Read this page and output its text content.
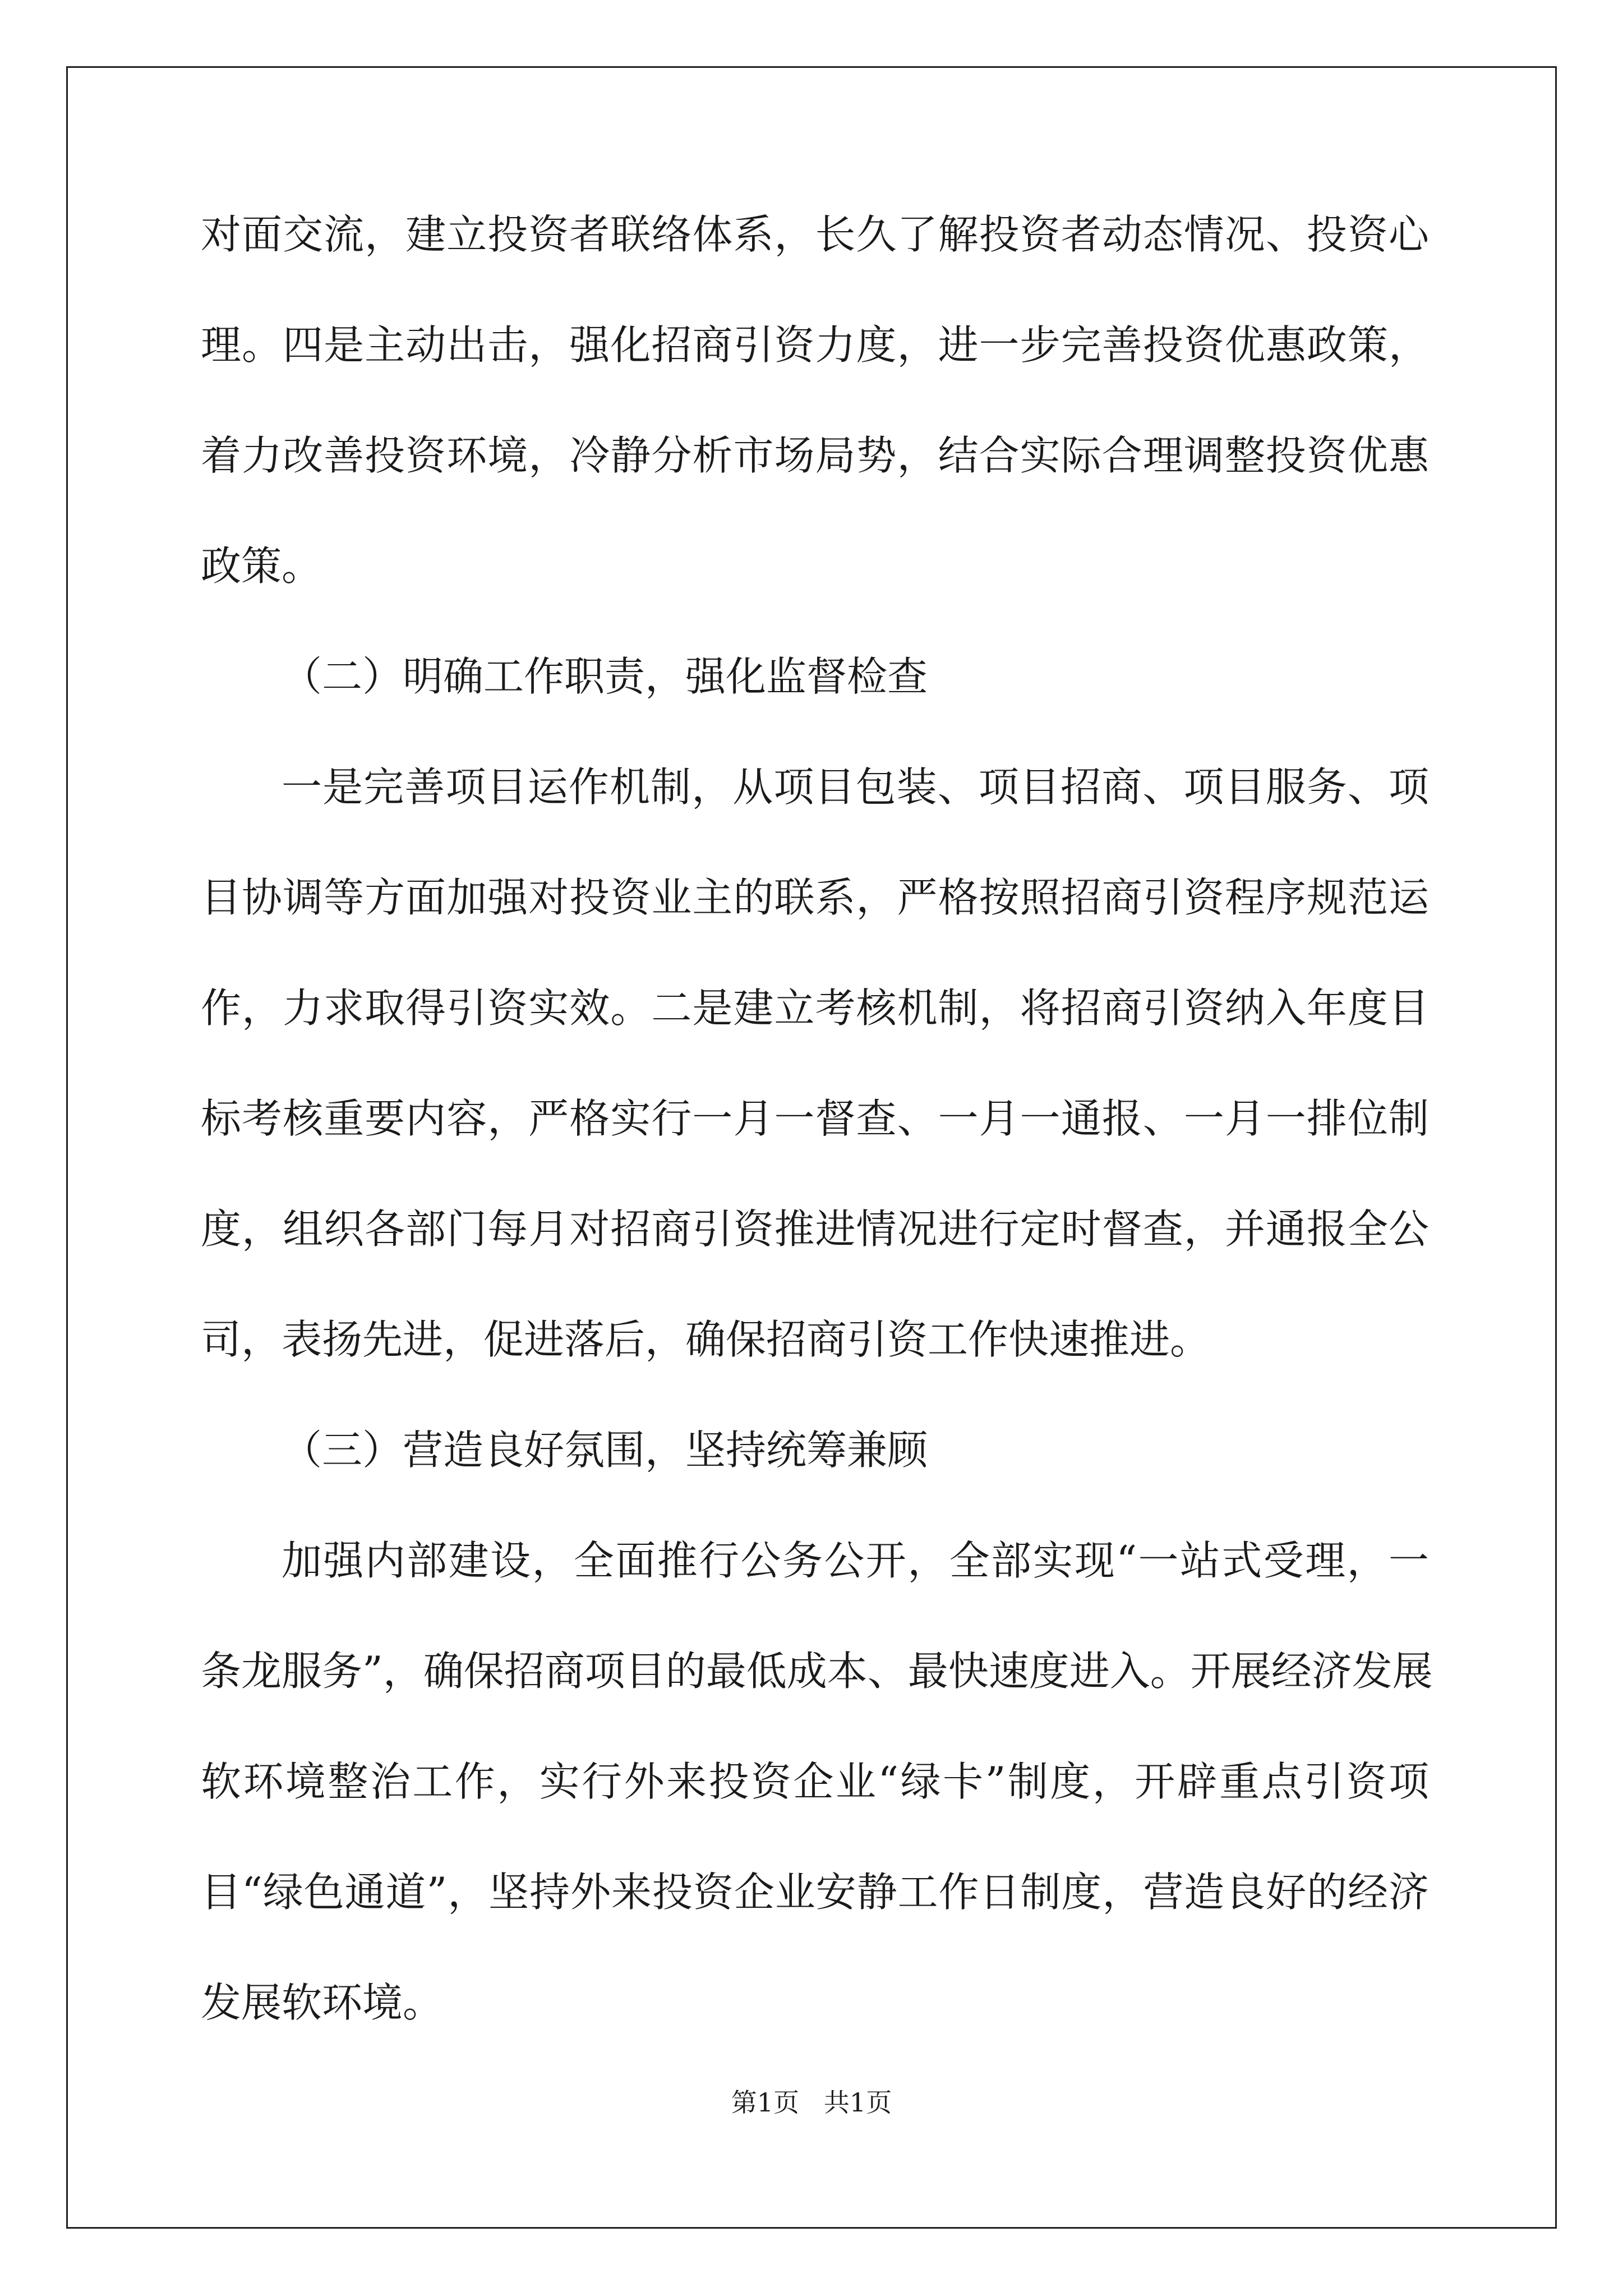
对面交流，建立投资者联络体系，长久了解投资者动态情况、投资心
理。四是主动出击，强化招商引资力度，进一步完善投资优惠政策，
着力改善投资环境，冷静分析市场局势，结合实际合理调整投资优惠
政策。
（二）明确工作职责，强化监督检查
一是完善项目运作机制，从项目包装、项目招商、项目服务、项
目协调等方面加强对投资业主的联系，严格按照招商引资程序规范运
作，力求取得引资实效。二是建立考核机制，将招商引资纳入年度目
标考核重要内容，严格实行一月一督查、一月一通报、一月一排位制
度，组织各部门每月对招商引资推进情况进行定时督查，并通报全公
司，表扬先进，促进落后，确保招商引资工作快速推进。
（三）营造良好氛围，坚持统筹兼顾
加强内部建设，全面推行公务公开，全部实现“一站式受理，一
条龙服务”，确保招商项目的最低成本、最快速度进入。开展经济发展
软环境整治工作，实行外来投资企业“绿卡”制度，开辟重点引资项
目“绿色通道”，坚持外来投资企业安静工作日制度，营造良好的经济
发展软环境。
第1页   共1页
